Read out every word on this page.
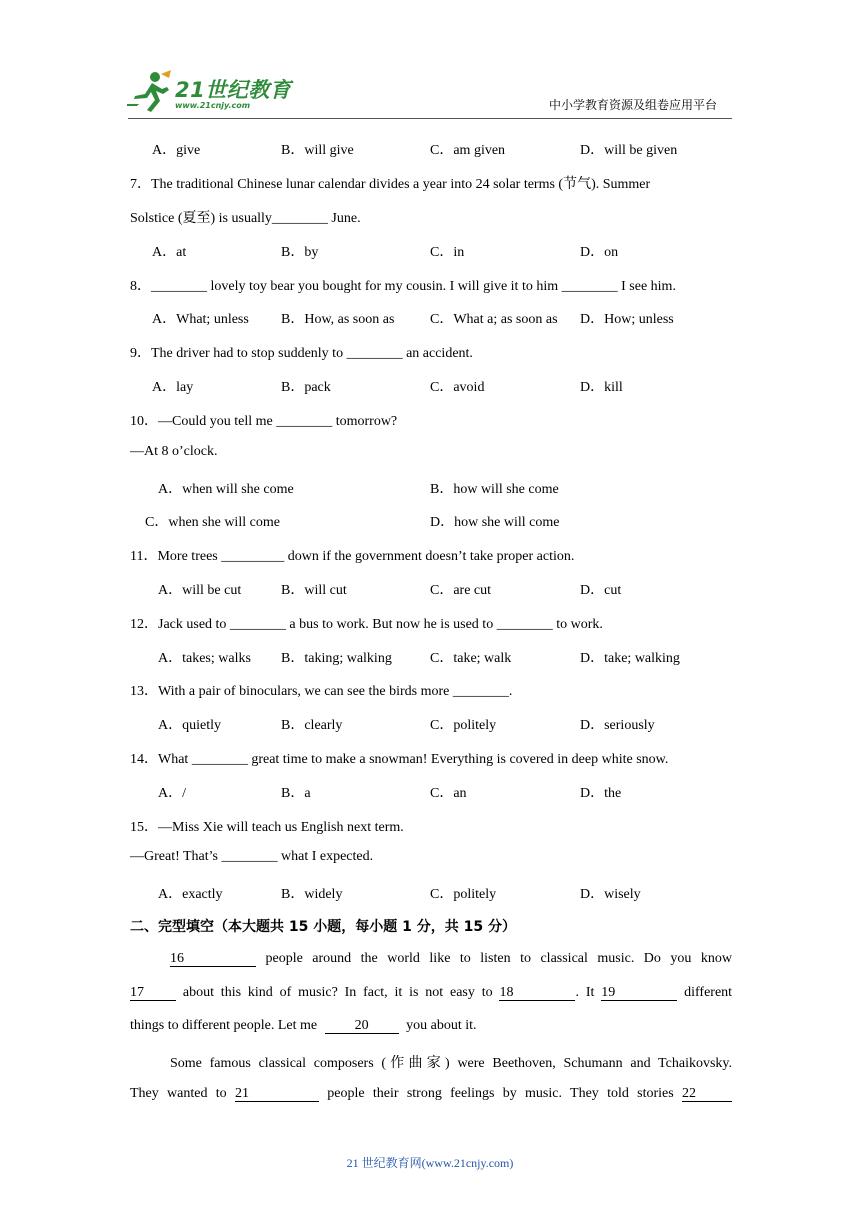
21世纪教育
www.21cnjy.com	中小学教育资源及组卷应用平台
A．give	B．will give	C．am given	D．will be given
7．The traditional Chinese lunar calendar divides a year into 24 solar terms (节气). Summer
Solstice (夏至) is usually________ June.
A．at	B．by	C．in	D．on
8．________ lovely toy bear you bought for my cousin. I will give it to him ________ I see him.
A．What; unless B．How, as soon as	C．What a; as soon as D．How; unless
9．The driver had to stop suddenly to ________ an accident.
A．lay	B．pack	C．avoid	D．kill
10．—Could you tell me ________ tomorrow?
—At 8 o’clock.
A．when will she come	B．how will she come
C．when she will come	D．how she will come
11．More trees _________ down if the government doesn’t take proper action.
A．will be cut	B．will cut	C．are cut	D．cut
12．Jack used to ________ a bus to work. But now he is used to ________ to work.
A．takes; walks B．taking; walking	C．take; walk	D．take; walking
13．With a pair of binoculars, we can see the birds more ________.
A．quietly	B．clearly	C．politely	D．seriously
14．What ________ great time to make a snowman! Everything is covered in deep white snow.
A．/	B．a	C．an	D．the
15．—Miss Xie will teach us English next term.
—Great! That’s ________ what I expected.
A．exactly	B．widely	C．politely	D．wisely
二、完型填空（本大题共 15 小题，每小题 1 分，共 15 分）
16	people around the world like to listen to classical music. Do you know
17	about this kind of music? In fact, it is not easy to 18	. It 19	different
things to different people. Let me	20	you about it.
Some famous classical composers (作曲家) were Beethoven, Schumann and Tchaikovsky.
They wanted to 21	people their strong feelings by music. They told stories 22
21 世纪教育网(www.21cnjy.com)
